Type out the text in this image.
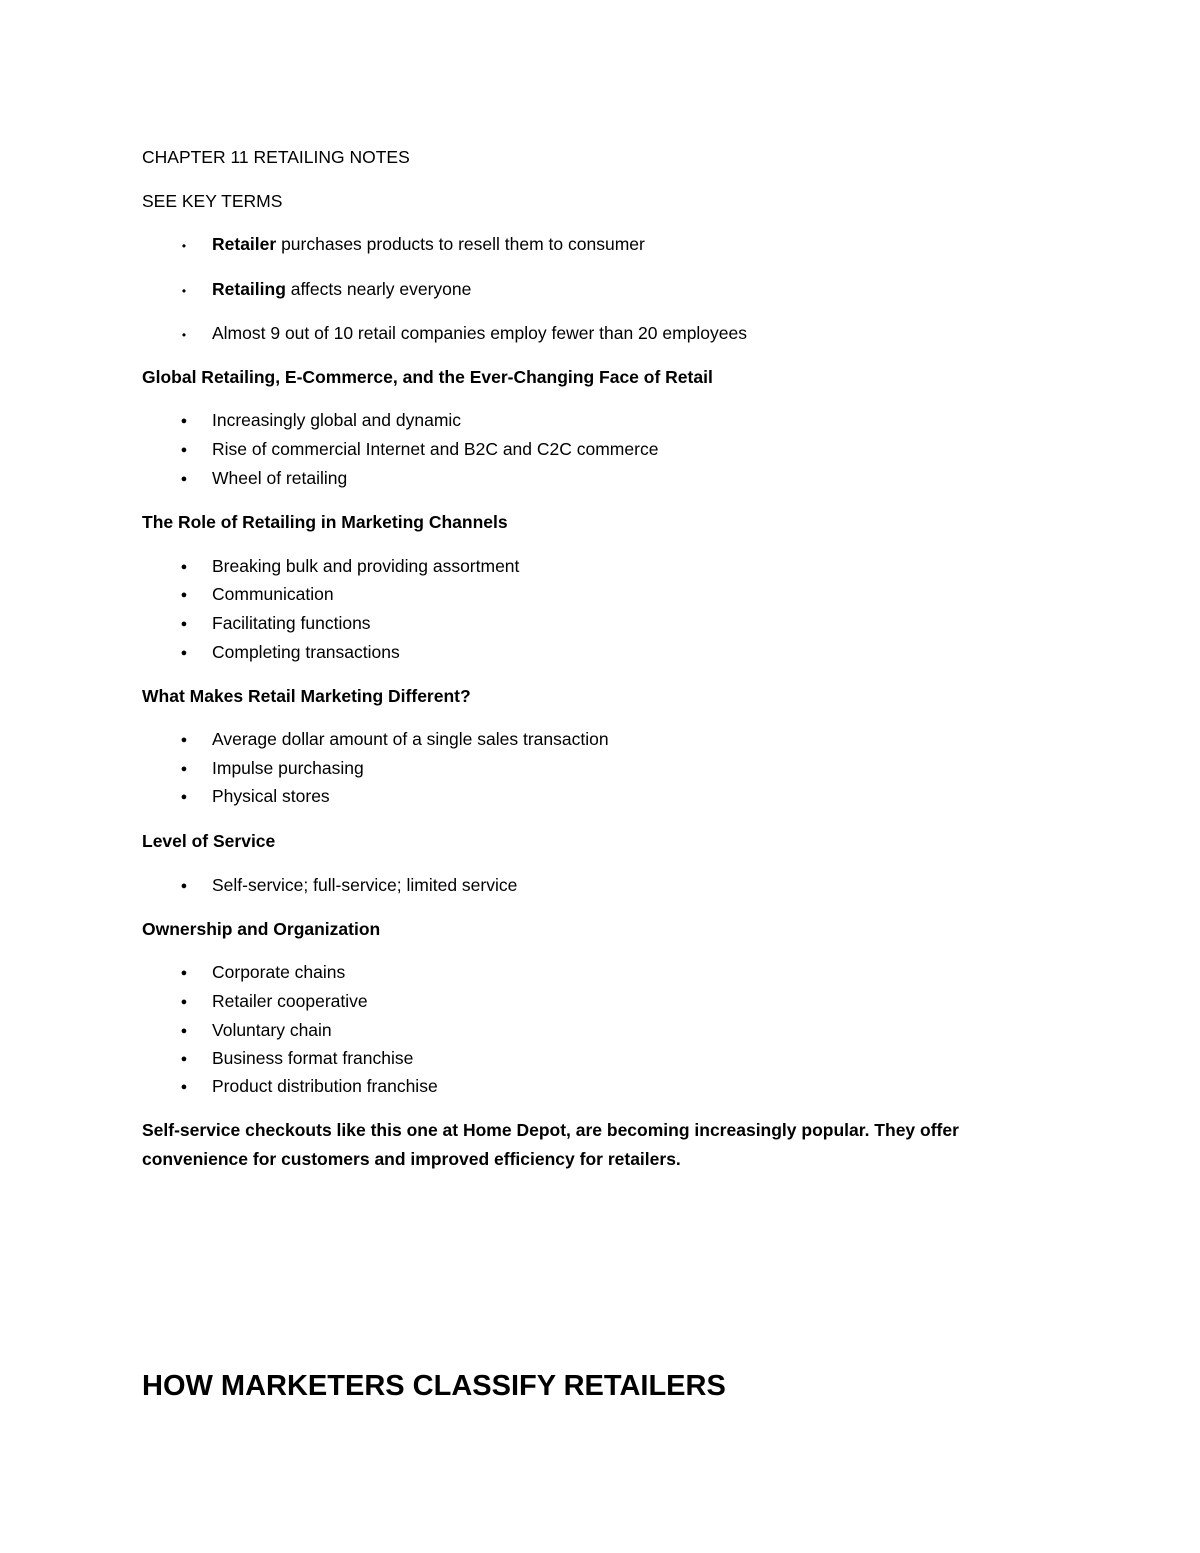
CHAPTER 11 RETAILING NOTES
SEE KEY TERMS
•
Retailer purchases products to resell them to consumer
•
Retailing affects nearly everyone
•
Almost 9 out of 10 retail companies employ fewer than 20 employees
Global Retailing, E-Commerce, and the Ever-Changing Face of Retail
●
Increasingly global and dynamic
●
Rise of commercial Internet and B2C and C2C commerce
●
Wheel of retailing
The Role of Retailing in Marketing Channels
●
Breaking bulk and providing assortment
●
Communication
●
Facilitating functions
●
Completing transactions
What Makes Retail Marketing Different?
●
Average dollar amount of a single sales transaction
●
Impulse purchasing
●
Physical stores
Level of Service
●
Self-service; full-service; limited service
Ownership and Organization
●
Corporate chains
●
Retailer cooperative
●
Voluntary chain
●
Business format franchise
●
Product distribution franchise
Self-service checkouts like this one at Home Depot, are becoming increasingly popular. They offer convenience for customers and improved efficiency for retailers.
HOW MARKETERS CLASSIFY RETAILERS
